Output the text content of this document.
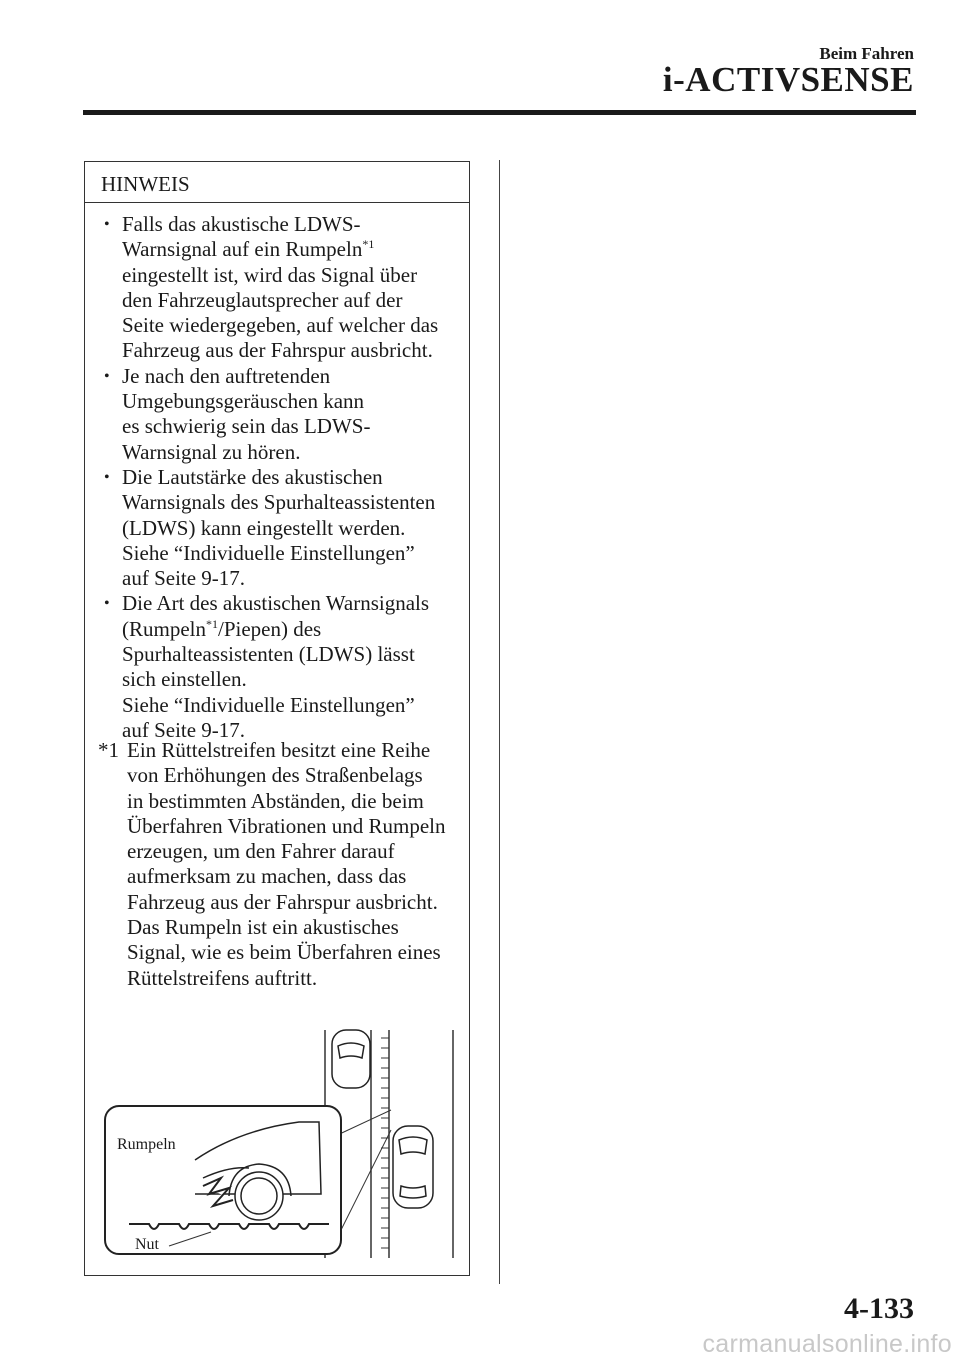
Beim Fahren
i-ACTIVSENSE
HINWEIS
• Falls das akustische LDWS-
Warnsignal auf ein Rumpeln$^{*1}$
eingestellt ist, wird das Signal über
den Fahrzeuglautsprecher auf der
Seite wiedergegeben, auf welcher das
Fahrzeug aus der Fahrspur ausbricht.
• Je nach den auftretenden
Umgebungsgeräuschen kann
es schwierig sein das LDWS-
Warnsignal zu hören.
• Die Lautstärke des akustischen
Warnsignals des Spurhalteassistenten
(LDWS) kann eingestellt werden.
Siehe “Individuelle Einstellungen”
auf Seite 9-17.
• Die Art des akustischen Warnsignals
(Rumpeln$^{*1}$/Piepen) des
Spurhalteassistenten (LDWS) lässt
sich einstellen.
Siehe “Individuelle Einstellungen”
auf Seite 9-17.
*1 Ein Rüttelstreifen besitzt eine Reihe
von Erhöhungen des Straßenbelags
in bestimmten Abständen, die beim
Überfahren Vibrationen und Rumpeln
erzeugen, um den Fahrer darauf
aufmerksam zu machen, dass das
Fahrzeug aus der Fahrspur ausbricht.
Das Rumpeln ist ein akustisches
Signal, wie es beim Überfahren eines
Rüttelstreifens auftritt.
Rumpeln
Nut
4-133
carmanualsonline.info
